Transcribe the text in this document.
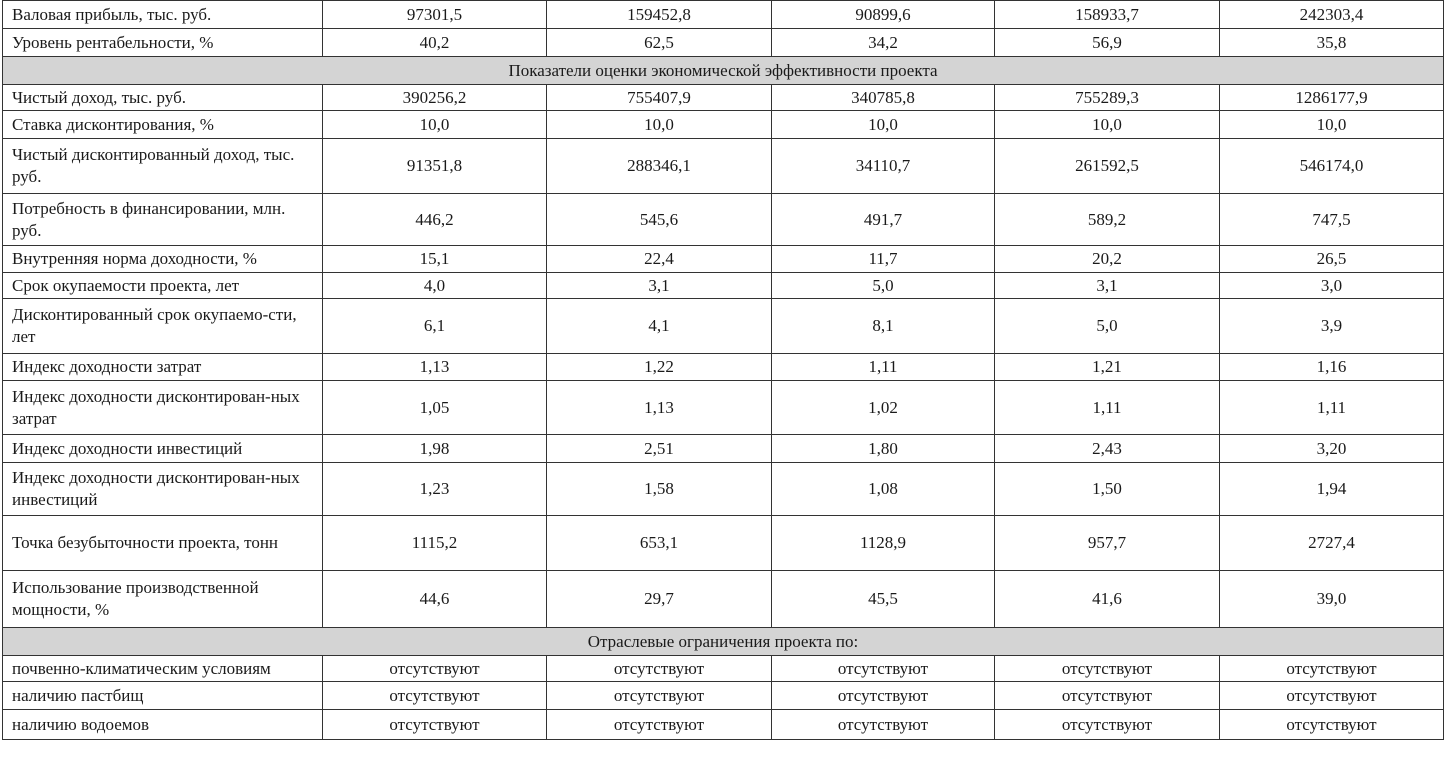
Валовая прибыль, тыс. руб.	97301,5	159452,8	90899,6	158933,7	242303,4
Уровень рентабельности, %	40,2	62,5	34,2	56,9	35,8
Показатели оценки экономической эффективности проекта					
Чистый доход, тыс. руб.	390256,2	755407,9	340785,8	755289,3	1286177,9
Ставка дисконтирования, %	10,0	10,0	10,0	10,0	10,0
Чистый дисконтированный доход, тыс. руб.	91351,8	288346,1	34110,7	261592,5	546174,0
Потребность в финансировании, млн. руб.	446,2	545,6	491,7	589,2	747,5
Внутренняя норма доходности, %	15,1	22,4	11,7	20,2	26,5
Срок окупаемости проекта, лет	4,0	3,1	5,0	3,1	3,0
Дисконтированный срок окупаемо-сти, лет	6,1	4,1	8,1	5,0	3,9
Индекс доходности затрат	1,13	1,22	1,11	1,21	1,16
Индекс доходности дисконтирован-ных затрат	1,05	1,13	1,02	1,11	1,11
Индекс доходности инвестиций	1,98	2,51	1,80	2,43	3,20
Индекс доходности дисконтирован-ных инвестиций	1,23	1,58	1,08	1,50	1,94
Точка безубыточности проекта, тонн	1115,2	653,1	1128,9	957,7	2727,4
Использование производственной мощности, %	44,6	29,7	45,5	41,6	39,0
Отраслевые ограничения проекта по:					
почвенно-климатическим условиям	отсутствуют	отсутствуют	отсутствуют	отсутствуют	отсутствуют
наличию пастбищ	отсутствуют	отсутствуют	отсутствуют	отсутствуют	отсутствуют
наличию водоемов	отсутствуют	отсутствуют	отсутствуют	отсутствуют	отсутствуют
